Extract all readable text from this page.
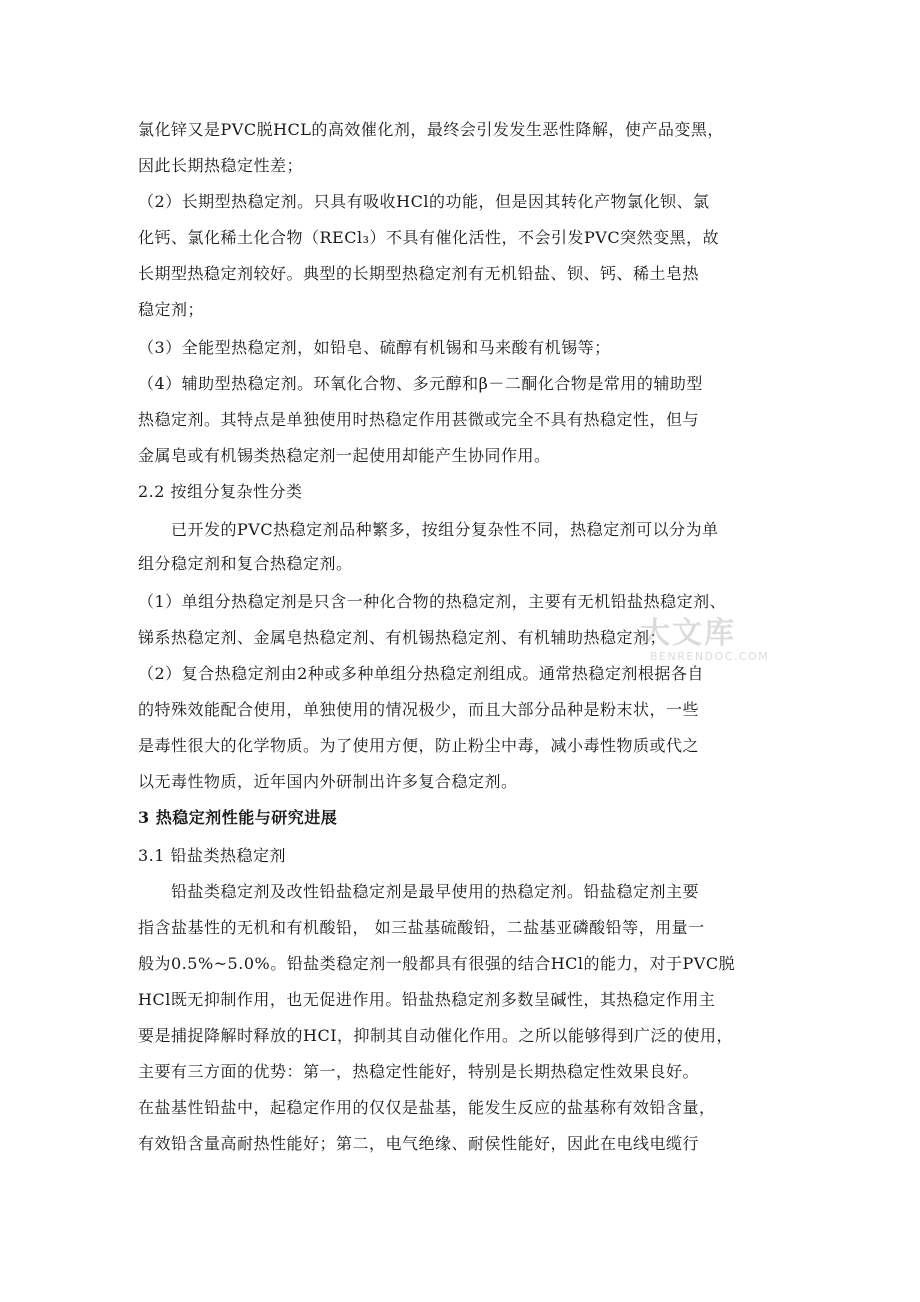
氯化锌又是PVC脱HCL的高效催化剂，最终会引发发生恶性降解，使产品变黑，
因此长期热稳定性差；
（2）长期型热稳定剂。只具有吸收HCl的功能，但是因其转化产物氯化钡、氯
化钙、氯化稀土化合物（RECl₃）不具有催化活性，不会引发PVC突然变黑，故
长期型热稳定剂较好。典型的长期型热稳定剂有无机铅盐、钡、钙、稀土皂热
稳定剂；
（3）全能型热稳定剂，如铅皂、硫醇有机锡和马来酸有机锡等；
（4）辅助型热稳定剂。环氧化合物、多元醇和β－二酮化合物是常用的辅助型
热稳定剂。其特点是单独使用时热稳定作用甚微或完全不具有热稳定性，但与
金属皂或有机锡类热稳定剂一起使用却能产生协同作用。
2.2 按组分复杂性分类
　　已开发的PVC热稳定剂品种繁多，按组分复杂性不同，热稳定剂可以分为单
组分稳定剂和复合热稳定剂。
（1）单组分热稳定剂是只含一种化合物的热稳定剂，主要有无机铅盐热稳定剂、
锑系热稳定剂、金属皂热稳定剂、有机锡热稳定剂、有机辅助热稳定剂；
（2）复合热稳定剂由2种或多种单组分热稳定剂组成。通常热稳定剂根据各自
的特殊效能配合使用，单独使用的情况极少，而且大部分品种是粉末状，一些
是毒性很大的化学物质。为了使用方便，防止粉尘中毒，减小毒性物质或代之
以无毒性物质，近年国内外研制出许多复合稳定剂。
3 热稳定剂性能与研究进展
3.1 铅盐类热稳定剂
　　铅盐类稳定剂及改性铅盐稳定剂是最早使用的热稳定剂。铅盐稳定剂主要
指含盐基性的无机和有机酸铅， 如三盐基硫酸铅，二盐基亚磷酸铅等，用量一
般为0.5%~5.0%。铅盐类稳定剂一般都具有很强的结合HCl的能力，对于PVC脱
HCl既无抑制作用，也无促进作用。铅盐热稳定剂多数呈碱性，其热稳定作用主
要是捕捉降解时释放的HCI，抑制其自动催化作用。之所以能够得到广泛的使用，
主要有三方面的优势：第一，热稳定性能好，特别是长期热稳定性效果良好。
在盐基性铅盐中，起稳定作用的仅仅是盐基，能发生反应的盐基称有效铅含量，
有效铅含量高耐热性能好；第二，电气绝缘、耐侯性能好，因此在电线电缆行
大文库
BENRENDOC.COM
